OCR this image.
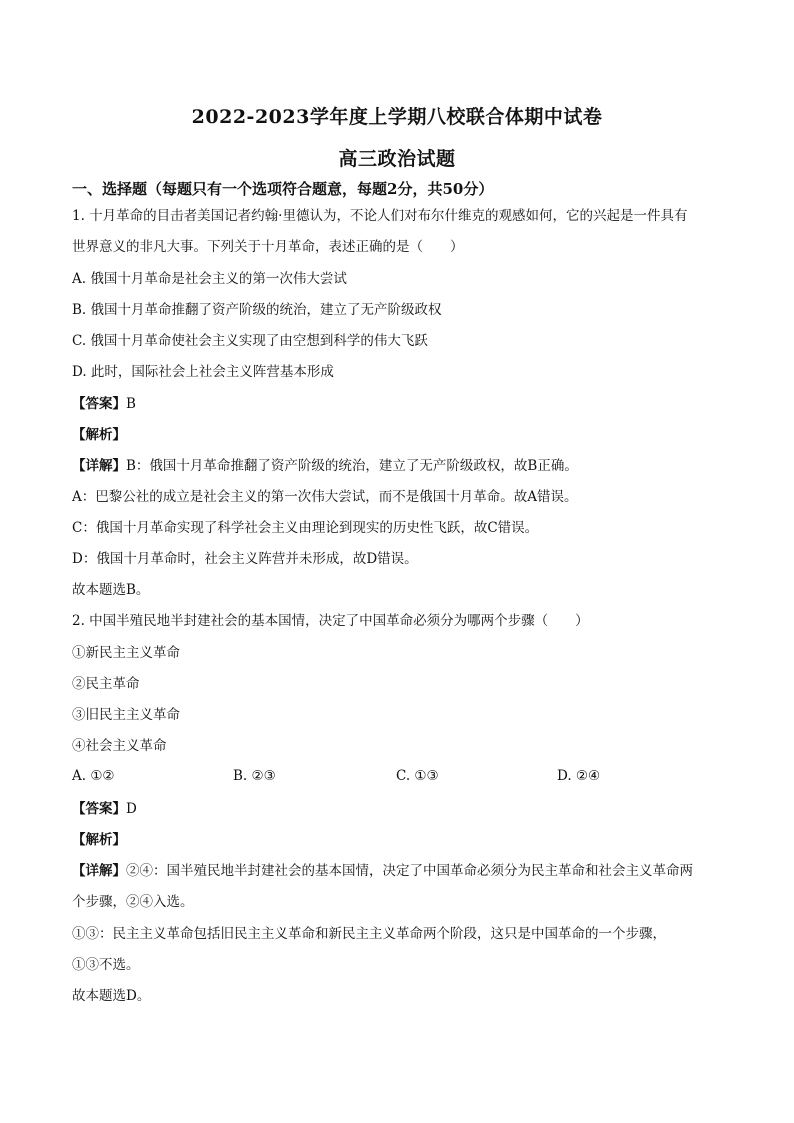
2022-2023学年度上学期八校联合体期中试卷
高三政治试题
一、选择题（每题只有一个选项符合题意，每题2分，共50分）
1. 十月革命的目击者美国记者约翰·里德认为，不论人们对布尔什维克的观感如何，它的兴起是一件具有
世界意义的非凡大事。下列关于十月革命，表述正确的是（　　）
A. 俄国十月革命是社会主义的第一次伟大尝试
B. 俄国十月革命推翻了资产阶级的统治，建立了无产阶级政权
C. 俄国十月革命使社会主义实现了由空想到科学的伟大飞跃
D. 此时，国际社会上社会主义阵营基本形成
【答案】B
【解析】
【详解】B：俄国十月革命推翻了资产阶级的统治，建立了无产阶级政权，故B正确。
A：巴黎公社的成立是社会主义的第一次伟大尝试，而不是俄国十月革命。故A错误。
C：俄国十月革命实现了科学社会主义由理论到现实的历史性飞跃，故C错误。
D：俄国十月革命时，社会主义阵营并未形成，故D错误。
故本题选B。
2. 中国半殖民地半封建社会的基本国情，决定了中国革命必须分为哪两个步骤（　　）
①新民主主义革命
②民主革命
③旧民主主义革命
④社会主义革命
A. ①②	B. ②③	C. ①③	D. ②④
【答案】D
【解析】
【详解】②④：国半殖民地半封建社会的基本国情，决定了中国革命必须分为民主革命和社会主义革命两
个步骤，②④入选。
①③：民主主义革命包括旧民主主义革命和新民主主义革命两个阶段，这只是中国革命的一个步骤，
①③不选。
故本题选D。
